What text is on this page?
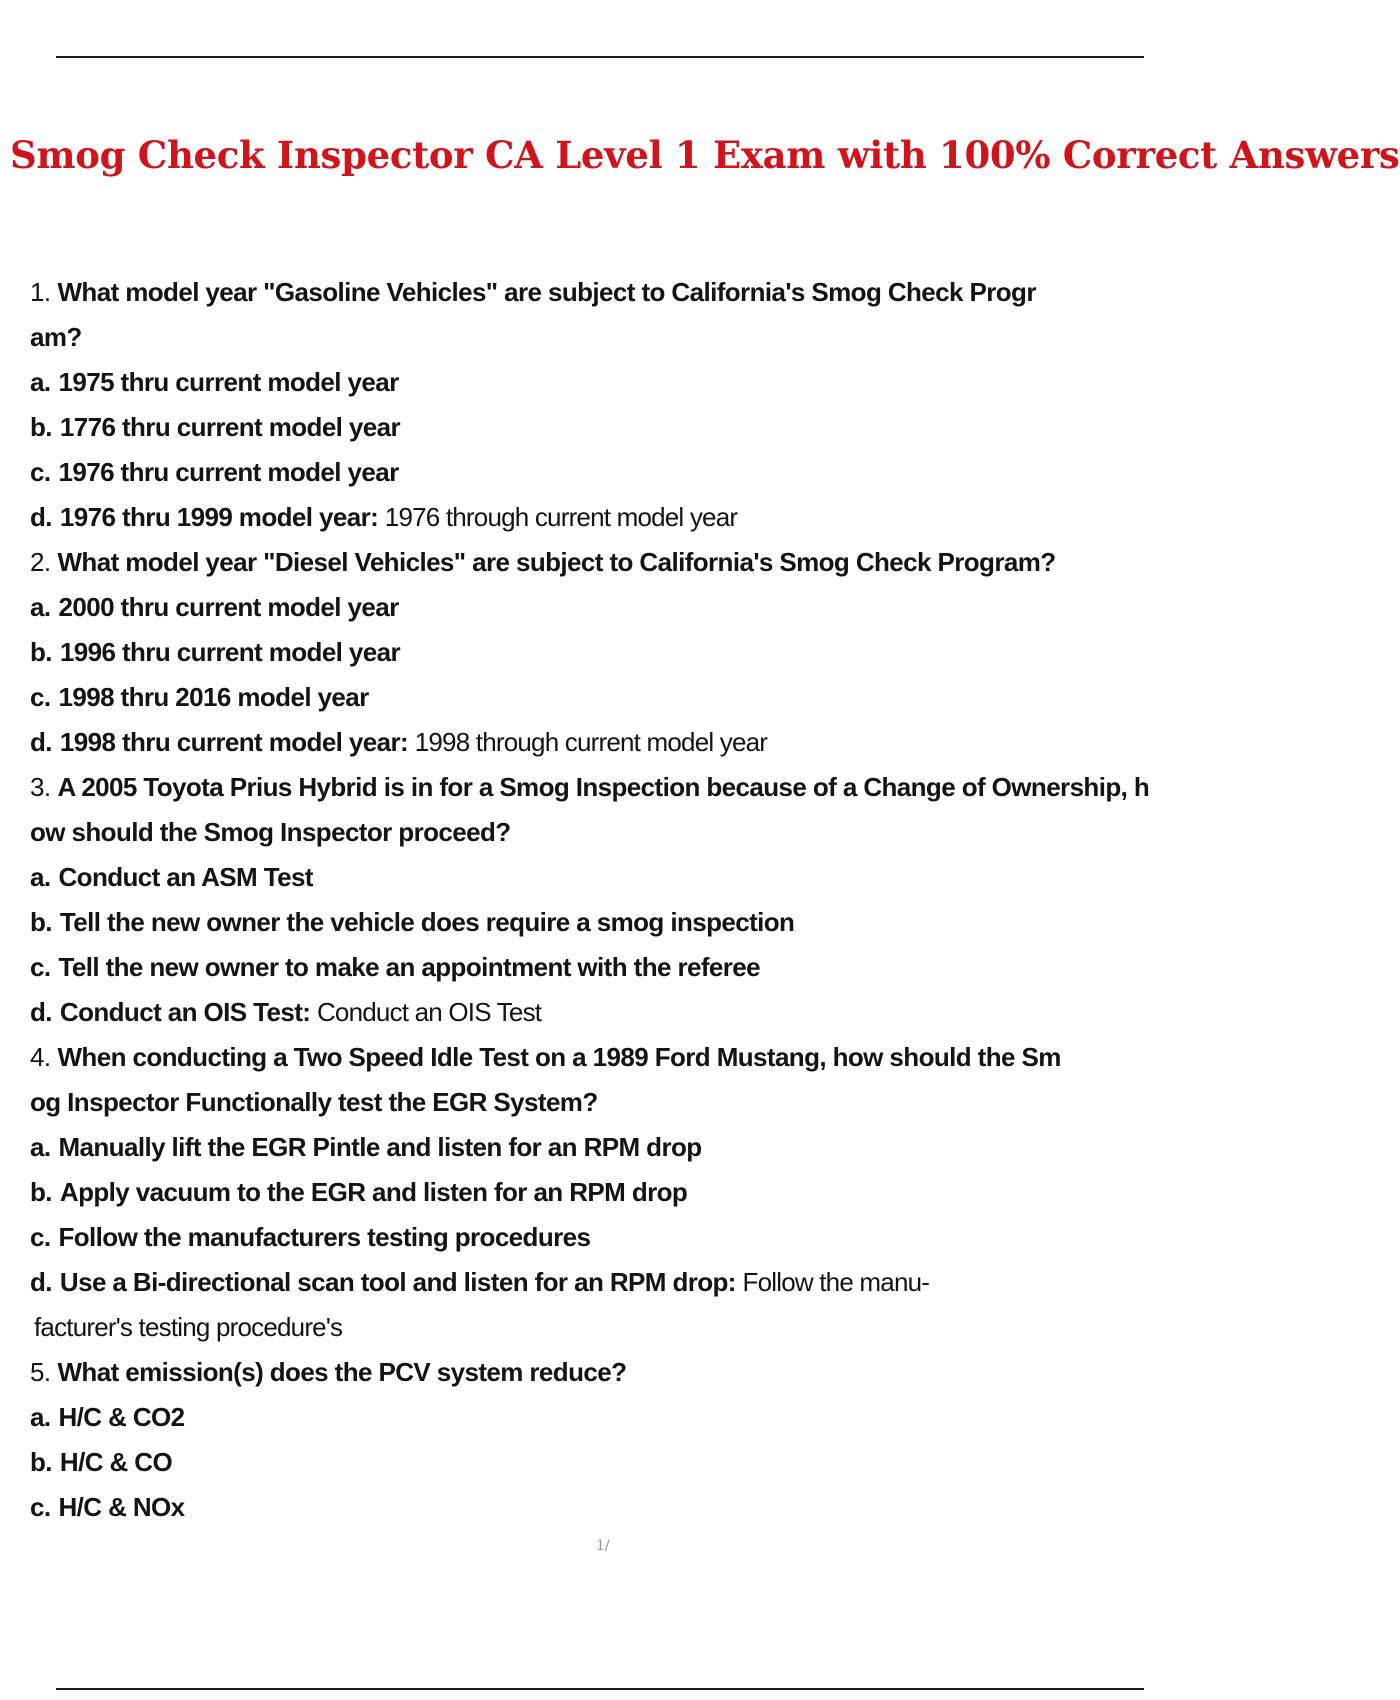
Smog Check Inspector CA Level 1 Exam with 100% Correct Answers
1. What model year "Gasoline Vehicles" are subject to California's Smog Check Progr
am?
a. 1975 thru current model year
b. 1776 thru current model year
c. 1976 thru current model year
d. 1976 thru 1999 model year: 1976 through current model year
2. What model year "Diesel Vehicles" are subject to California's Smog Check Program?
a. 2000 thru current model year
b. 1996 thru current model year
c. 1998 thru 2016 model year
d. 1998 thru current model year: 1998 through current model year
3. A 2005 Toyota Prius Hybrid is in for a Smog Inspection because of a Change of Ownership, h
ow should the Smog Inspector proceed?
a. Conduct an ASM Test
b. Tell the new owner the vehicle does require a smog inspection
c. Tell the new owner to make an appointment with the referee
d. Conduct an OIS Test: Conduct an OIS Test
4. When conducting a Two Speed Idle Test on a 1989 Ford Mustang, how should the Sm
og Inspector Functionally test the EGR System?
a. Manually lift the EGR Pintle and listen for an RPM drop
b. Apply vacuum to the EGR and listen for an RPM drop
c. Follow the manufacturers testing procedures
d. Use a Bi-directional scan tool and listen for an RPM drop: Follow the manu-
facturer's testing procedure's
5. What emission(s) does the PCV system reduce?
a. H/C & CO2
b. H/C & CO
c. H/C & NOx
1/
